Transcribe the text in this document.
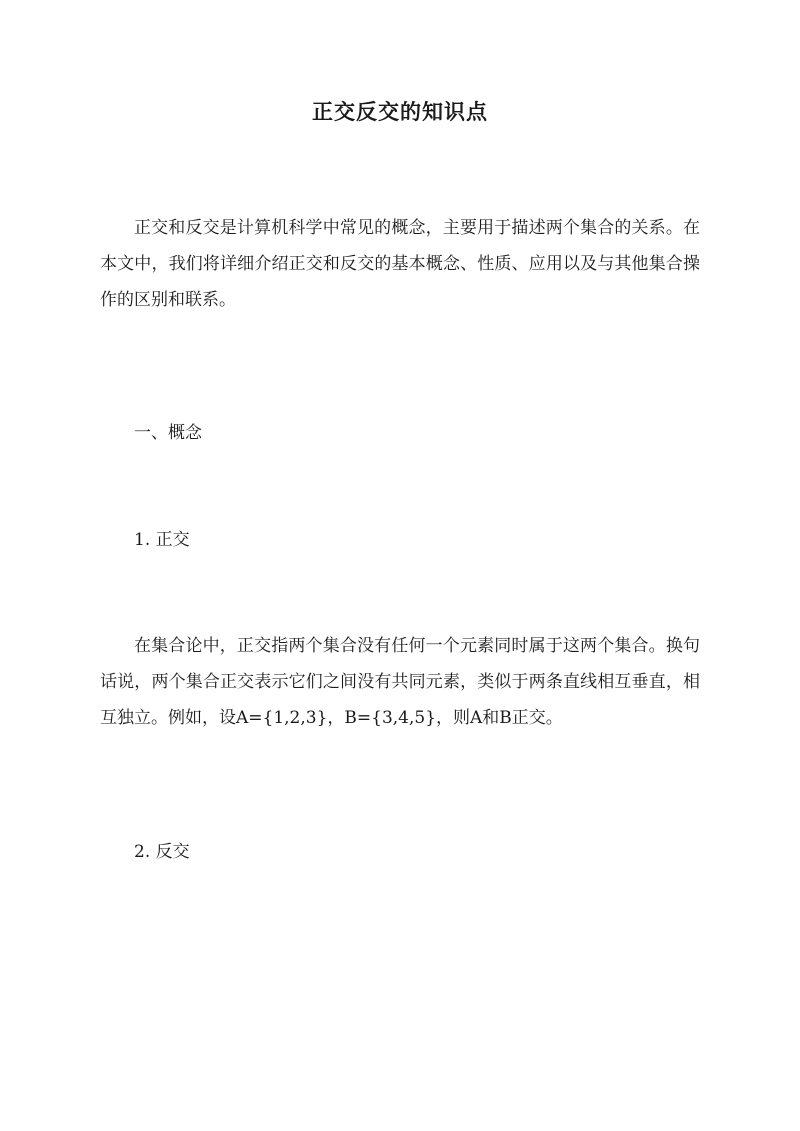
正交反交的知识点
正交和反交是计算机科学中常见的概念，主要用于描述两个集合的关系。在本文中，我们将详细介绍正交和反交的基本概念、性质、应用以及与其他集合操作的区别和联系。
一、概念
1. 正交
在集合论中，正交指两个集合没有任何一个元素同时属于这两个集合。换句话说，两个集合正交表示它们之间没有共同元素，类似于两条直线相互垂直，相互独立。例如，设A={1,2,3}，B={3,4,5}，则A和B正交。
2. 反交
